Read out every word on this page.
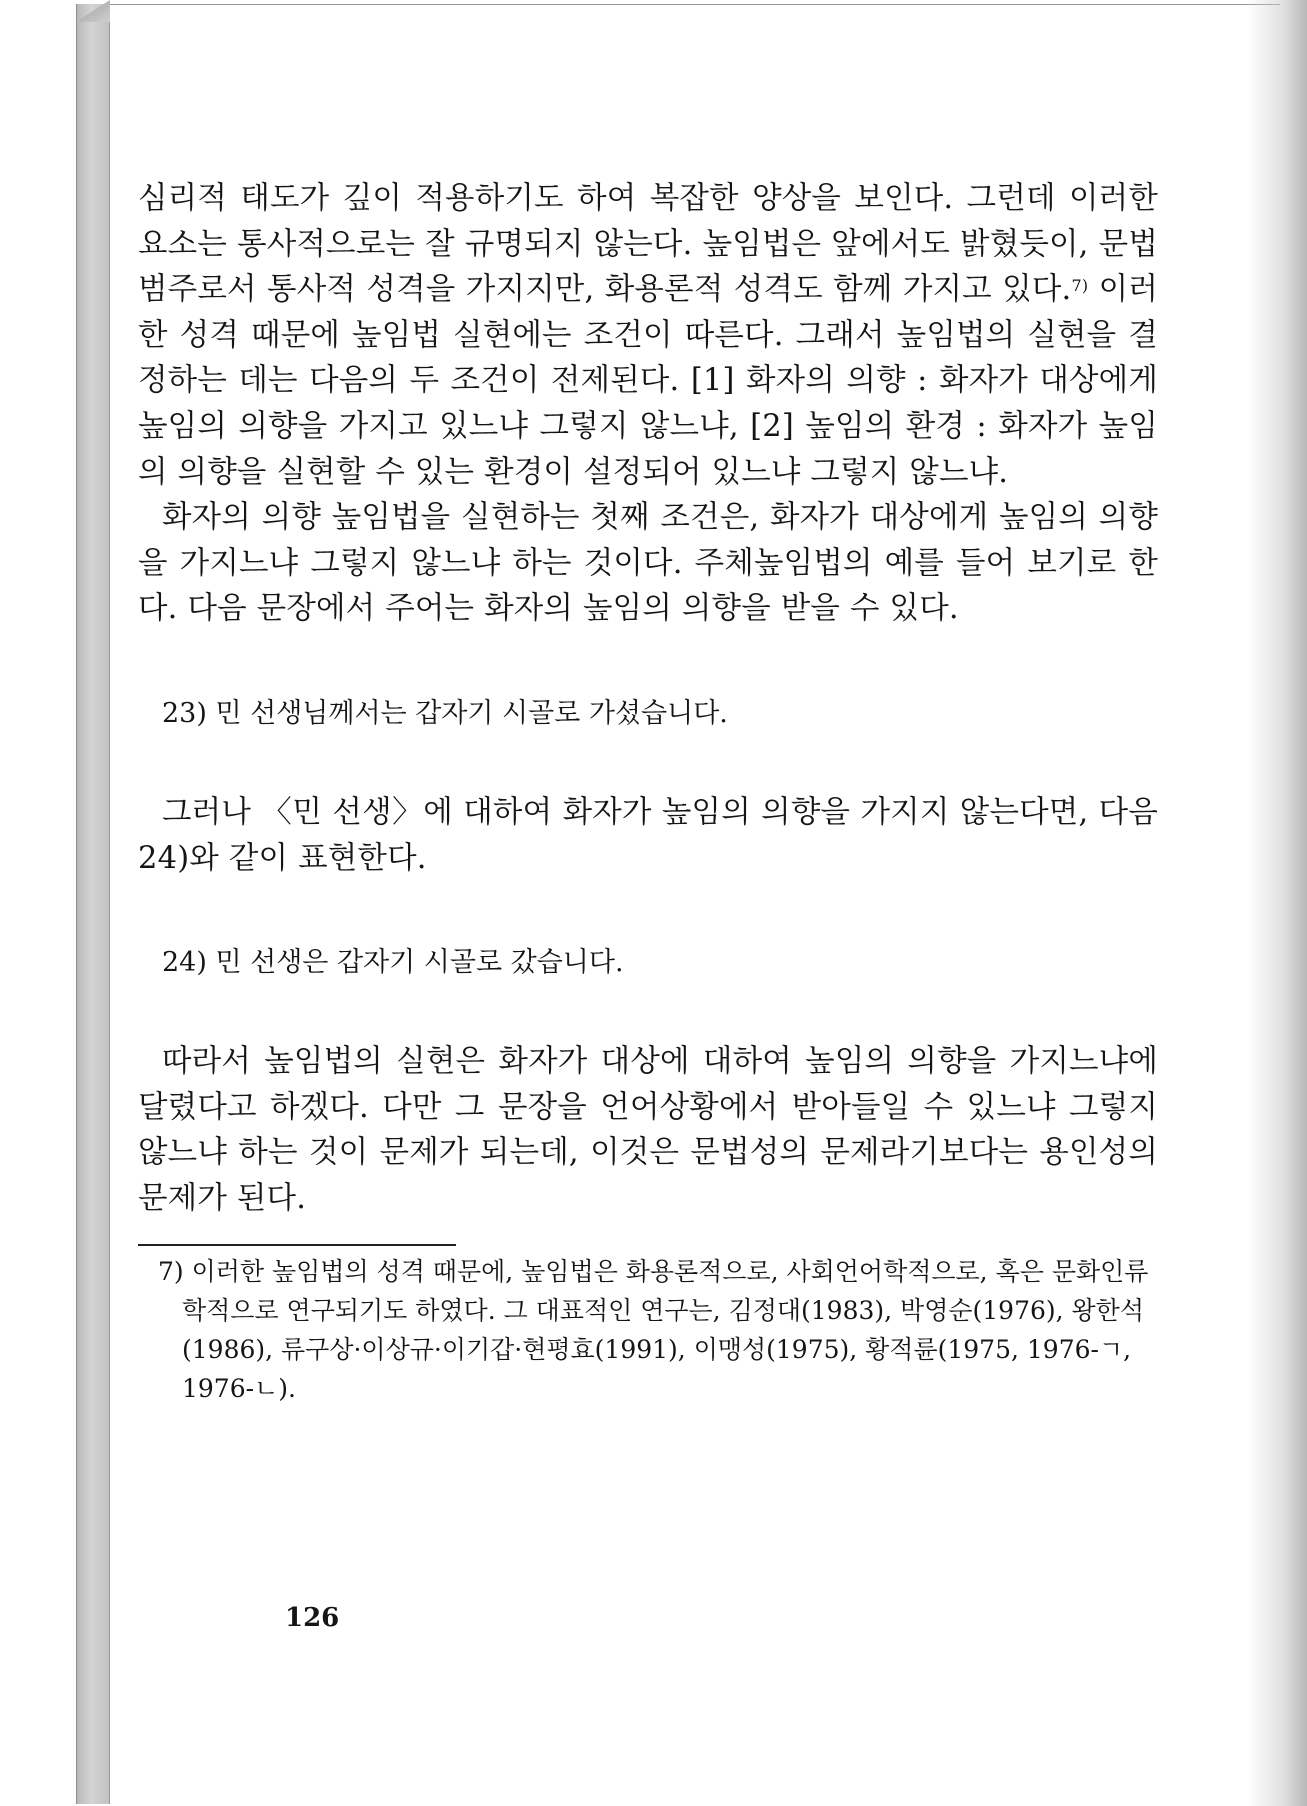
심리적 태도가 깊이 적용하기도 하여 복잡한 양상을 보인다. 그런데 이러한 요소는 통사적으로는 잘 규명되지 않는다. 높임법은 앞에서도 밝혔듯이, 문법범주로서 통사적 성격을 가지지만, 화용론적 성격도 함께 가지고 있다.$^{7)}$ 이러한 성격 때문에 높임법 실현에는 조건이 따른다. 그래서 높임법의 실현을 결정하는 데는 다음의 두 조건이 전제된다. [1] 화자의 의향 : 화자가 대상에게 높임의 의향을 가지고 있느냐 그렇지 않느냐, [2] 높임의 환경 : 화자가 높임의 의향을 실현할 수 있는 환경이 설정되어 있느냐 그렇지 않느냐.

화자의 의향 높임법을 실현하는 첫째 조건은, 화자가 대상에게 높임의 의향을 가지느냐 그렇지 않느냐 하는 것이다. 주체높임법의 예를 들어 보기로 한다. 다음 문장에서 주어는 화자의 높임의 의향을 받을 수 있다.

23) 민 선생님께서는 갑자기 시골로 가셨습니다.

그러나 〈민 선생〉에 대하여 화자가 높임의 의향을 가지지 않는다면, 다음 24)와 같이 표현한다.

24) 민 선생은 갑자기 시골로 갔습니다.

따라서 높임법의 실현은 화자가 대상에 대하여 높임의 의향을 가지느냐에 달렸다고 하겠다. 다만 그 문장을 언어상황에서 받아들일 수 있느냐 그렇지 않느냐 하는 것이 문제가 되는데, 이것은 문법성의 문제라기보다는 용인성의 문제가 된다.

7) 이러한 높임법의 성격 때문에, 높임법은 화용론적으로, 사회언어학적으로, 혹은 문화인류학적으로 연구되기도 하였다. 그 대표적인 연구는, 김정대(1983), 박영순(1976), 왕한석(1986), 류구상·이상규·이기갑·현평효(1991), 이맹성(1975), 황적륜(1975, 1976-ㄱ, 1976-ㄴ).

126
